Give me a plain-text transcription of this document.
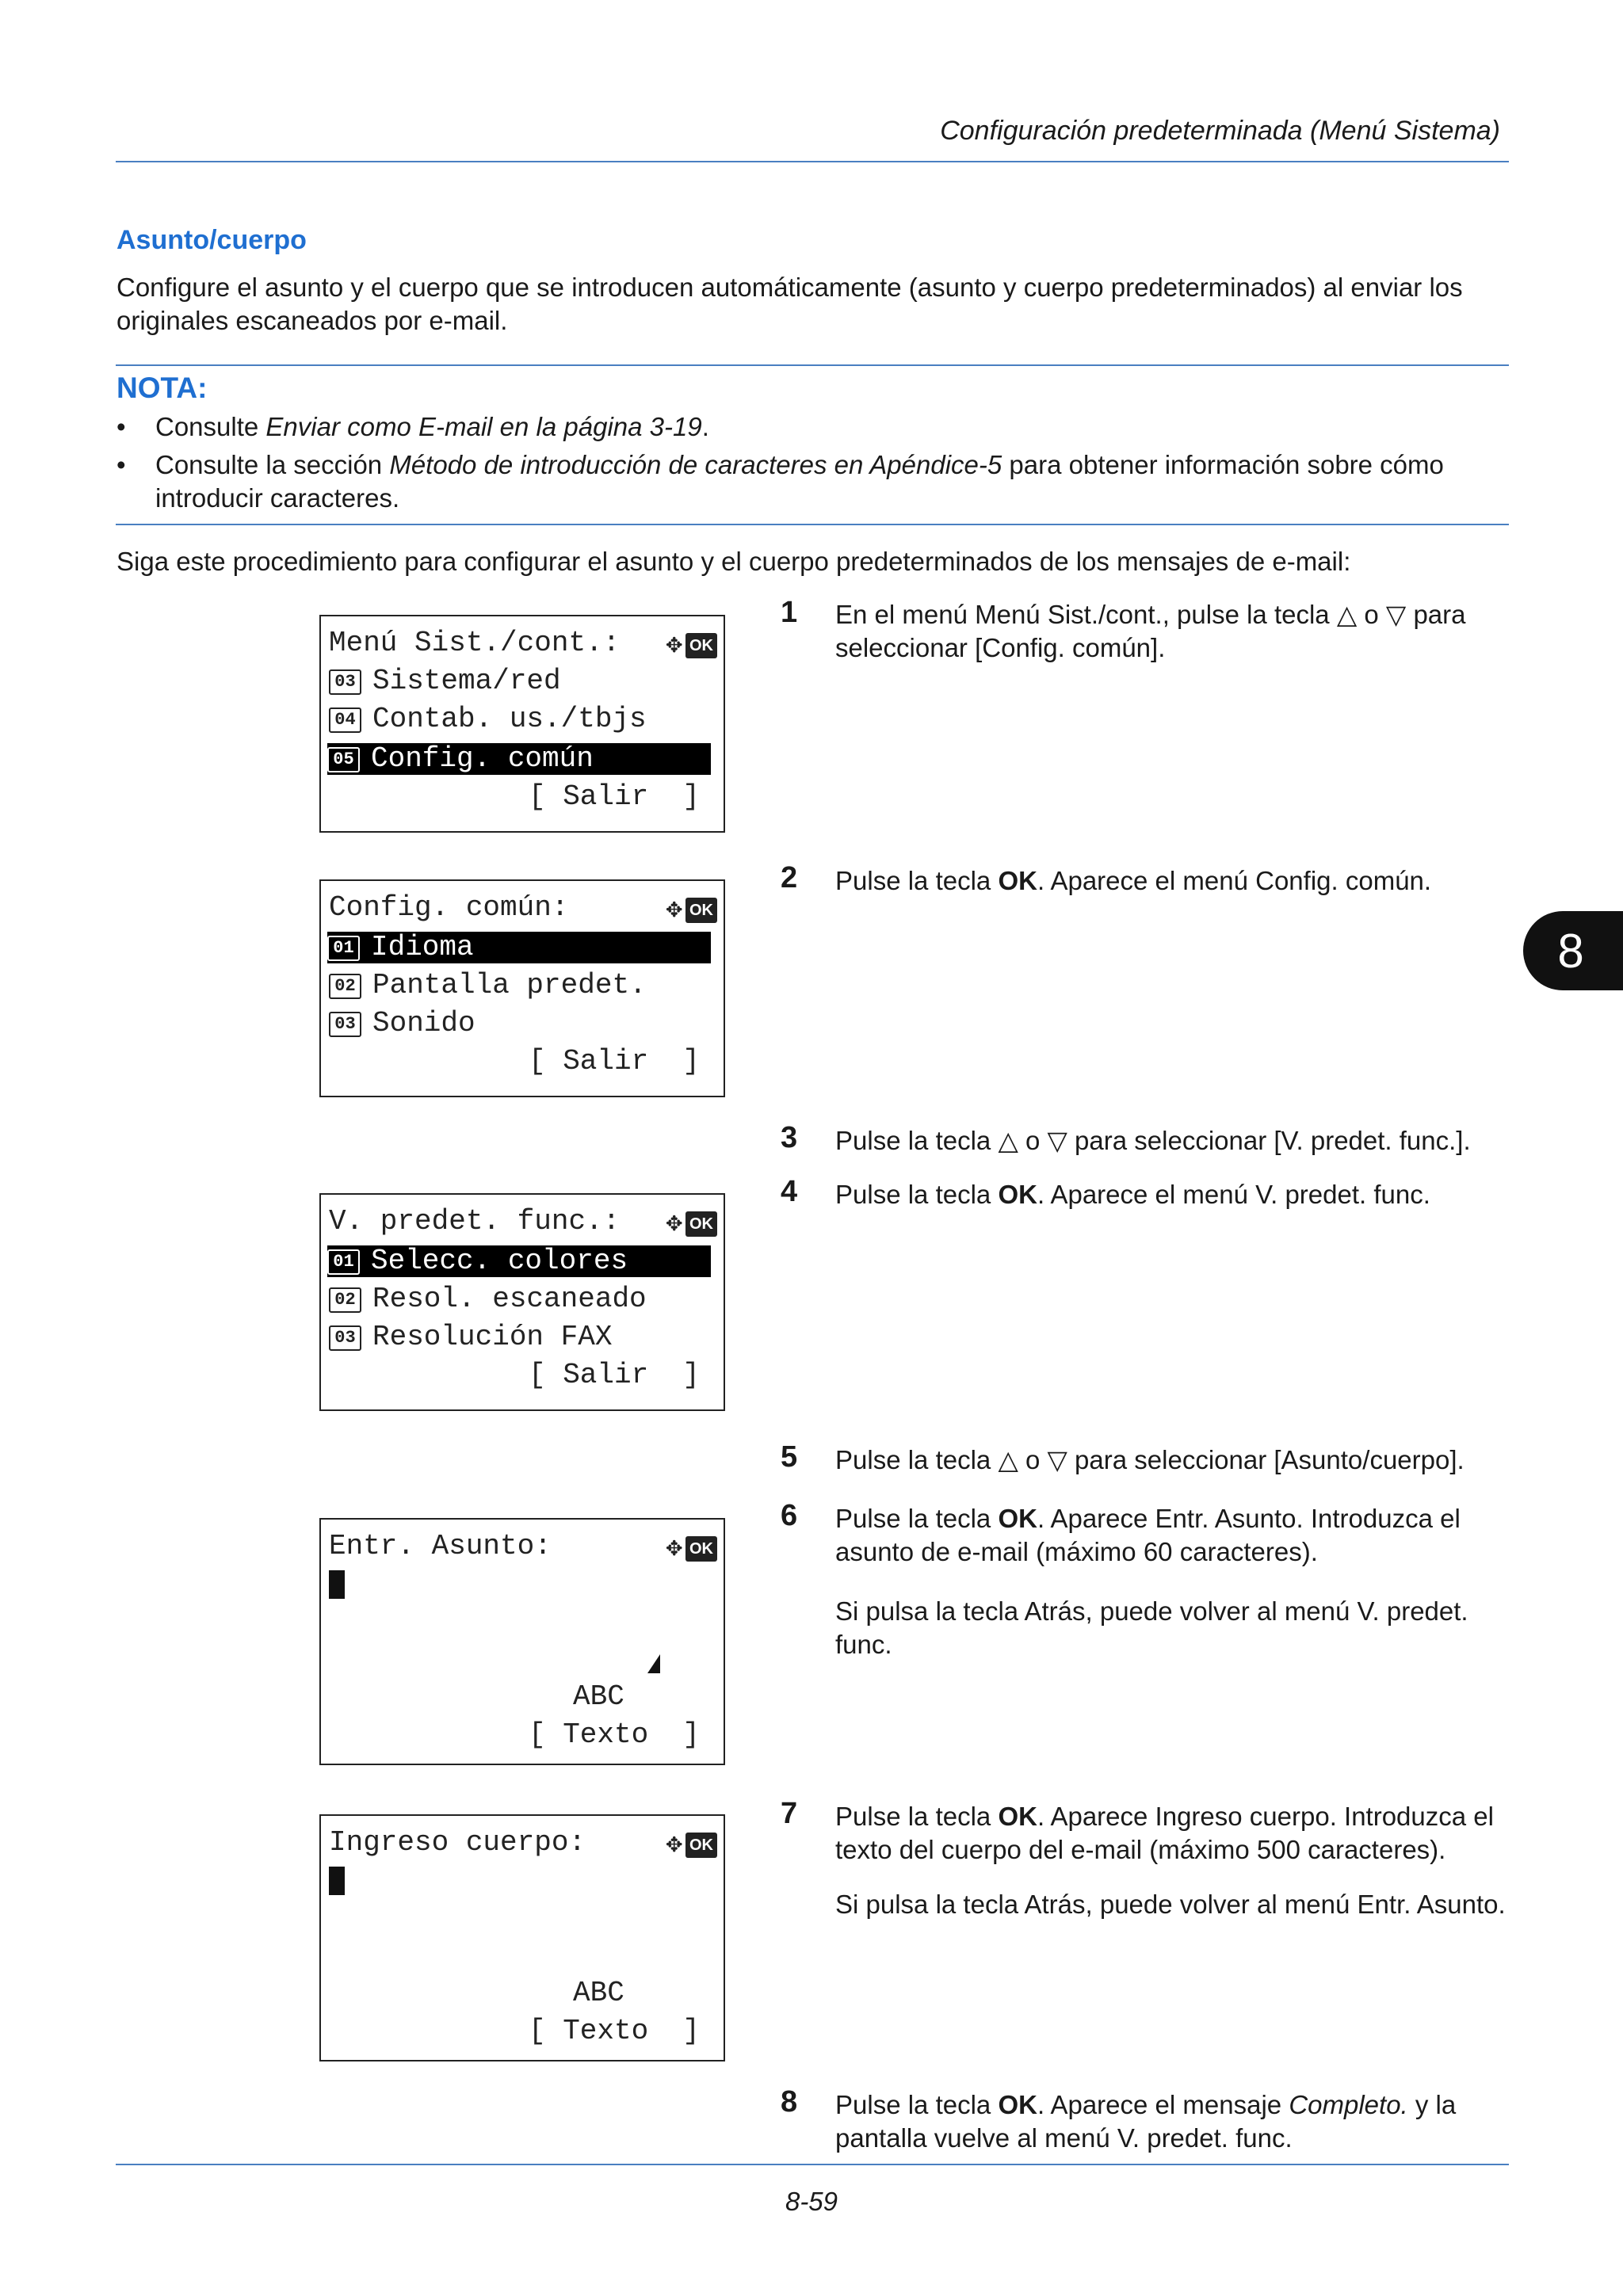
Configuración predeterminada (Menú Sistema)
Asunto/cuerpo
Configure el asunto y el cuerpo que se introducen automáticamente (asunto y cuerpo predeterminados) al enviar los originales escaneados por e-mail.
NOTA:
• Consulte Enviar como E-mail en la página 3-19.
• Consulte la sección Método de introducción de caracteres en Apéndice-5 para obtener información sobre cómo introducir caracteres.
Siga este procedimiento para configurar el asunto y el cuerpo predeterminados de los mensajes de e-mail:
8
Menú Sist./cont.: ✥ OK
03 Sistema/red
04 Contab. us./tbjs
05 Config. común
[ Salir  ]
Config. común:	✥ OK
01 Idioma
02 Pantalla predet.
03 Sonido
[ Salir  ]
V. predet. func.: ✥ OK
01 Selecc. colores
02 Resol. escaneado
03 Resolución FAX
[ Salir  ]
Entr. Asunto:	✥ OK
ABC
[ Texto  ]
Ingreso cuerpo:	✥ OK
ABC
[ Texto  ]
1 En el menú Menú Sist./cont., pulse la tecla △ o ▽ para seleccionar [Config. común].
2 Pulse la tecla OK. Aparece el menú Config. común.
3 Pulse la tecla △ o ▽ para seleccionar [V. predet. func.].
4 Pulse la tecla OK. Aparece el menú V. predet. func.
5 Pulse la tecla △ o ▽ para seleccionar [Asunto/cuerpo].
6 Pulse la tecla OK. Aparece Entr. Asunto. Introduzca el asunto de e-mail (máximo 60 caracteres).
Si pulsa la tecla Atrás, puede volver al menú V. predet. func.
7 Pulse la tecla OK. Aparece Ingreso cuerpo. Introduzca el texto del cuerpo del e-mail (máximo 500 caracteres).
Si pulsa la tecla Atrás, puede volver al menú Entr. Asunto.
8 Pulse la tecla OK. Aparece el mensaje Completo. y la pantalla vuelve al menú V. predet. func.
8-59
